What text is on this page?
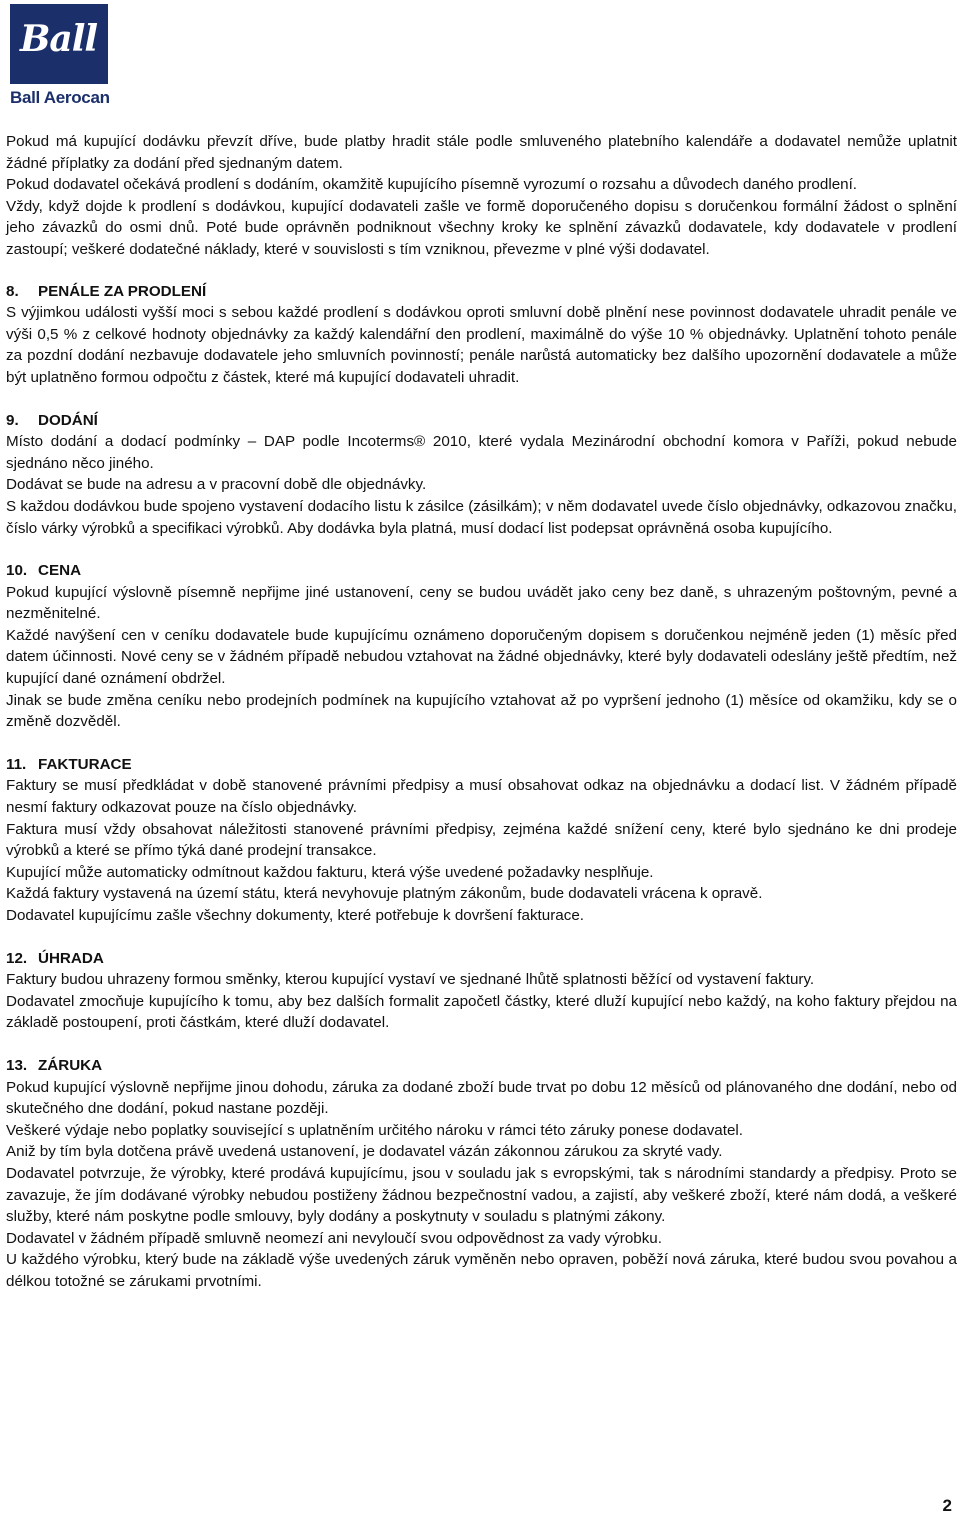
Ball
Ball Aerocan

Pokud má kupující dodávku převzít dříve, bude platby hradit stále podle smluveného platebního kalendáře a dodavatel nemůže uplatnit žádné příplatky za dodání před sjednaným datem.

Pokud dodavatel očekává prodlení s dodáním, okamžitě kupujícího písemně vyrozumí o rozsahu a důvodech daného prodlení.

Vždy, když dojde k prodlení s dodávkou, kupující dodavateli zašle ve formě doporučeného dopisu s doručenkou formální žádost o splnění jeho závazků do osmi dnů. Poté bude oprávněn podniknout všechny kroky ke splnění závazků dodavatele, kdy dodavatele v prodlení zastoupí; veškeré dodatečné náklady, které v souvislosti s tím vzniknou, převezme v plné výši dodavatel.

8. PENÁLE ZA PRODLENÍ

S výjimkou události vyšší moci s sebou každé prodlení s dodávkou oproti smluvní době plnění nese povinnost dodavatele uhradit penále ve výši 0,5 % z celkové hodnoty objednávky za každý kalendářní den prodlení, maximálně do výše 10 % objednávky. Uplatnění tohoto penále za pozdní dodání nezbavuje dodavatele jeho smluvních povinností; penále narůstá automaticky bez dalšího upozornění dodavatele a může být uplatněno formou odpočtu z částek, které má kupující dodavateli uhradit.

9. DODÁNÍ

Místo dodání a dodací podmínky – DAP podle Incoterms® 2010, které vydala Mezinárodní obchodní komora v Paříži, pokud nebude sjednáno něco jiného.

Dodávat se bude na adresu a v pracovní době dle objednávky.

S každou dodávkou bude spojeno vystavení dodacího listu k zásilce (zásilkám); v něm dodavatel uvede číslo objednávky, odkazovou značku, číslo várky výrobků a specifikaci výrobků. Aby dodávka byla platná, musí dodací list podepsat oprávněná osoba kupujícího.

10. CENA

Pokud kupující výslovně písemně nepřijme jiné ustanovení, ceny se budou uvádět jako ceny bez daně, s uhrazeným poštovným, pevné a nezměnitelné.

Každé navýšení cen v ceníku dodavatele bude kupujícímu oznámeno doporučeným dopisem s doručenkou nejméně jeden (1) měsíc před datem účinnosti. Nové ceny se v žádném případě nebudou vztahovat na žádné objednávky, které byly dodavateli odeslány ještě předtím, než kupující dané oznámení obdržel.

Jinak se bude změna ceníku nebo prodejních podmínek na kupujícího vztahovat až po vypršení jednoho (1) měsíce od okamžiku, kdy se o změně dozvěděl.

11. FAKTURACE

Faktury se musí předkládat v době stanovené právními předpisy a musí obsahovat odkaz na objednávku a dodací list. V žádném případě nesmí faktury odkazovat pouze na číslo objednávky.

Faktura musí vždy obsahovat náležitosti stanovené právními předpisy, zejména každé snížení ceny, které bylo sjednáno ke dni prodeje výrobků a které se přímo týká dané prodejní transakce.

Kupující může automaticky odmítnout každou fakturu, která výše uvedené požadavky nesplňuje.

Každá faktury vystavená na území státu, která nevyhovuje platným zákonům, bude dodavateli vrácena k opravě.

Dodavatel kupujícímu zašle všechny dokumenty, které potřebuje k dovršení fakturace.

12. ÚHRADA

Faktury budou uhrazeny formou směnky, kterou kupující vystaví ve sjednané lhůtě splatnosti běžící od vystavení faktury.

Dodavatel zmocňuje kupujícího k tomu, aby bez dalších formalit započetl částky, které dluží kupující nebo každý, na koho faktury přejdou na základě postoupení, proti částkám, které dluží dodavatel.

13. ZÁRUKA

Pokud kupující výslovně nepřijme jinou dohodu, záruka za dodané zboží bude trvat po dobu 12 měsíců od plánovaného dne dodání, nebo od skutečného dne dodání, pokud nastane později.

Veškeré výdaje nebo poplatky související s uplatněním určitého nároku v rámci této záruky ponese dodavatel.

Aniž by tím byla dotčena právě uvedená ustanovení, je dodavatel vázán zákonnou zárukou za skryté vady.

Dodavatel potvrzuje, že výrobky, které prodává kupujícímu, jsou v souladu jak s evropskými, tak s národními standardy a předpisy. Proto se zavazuje, že jím dodávané výrobky nebudou postiženy žádnou bezpečnostní vadou, a zajistí, aby veškeré zboží, které nám dodá, a veškeré služby, které nám poskytne podle smlouvy, byly dodány a poskytnuty v souladu s platnými zákony.

Dodavatel v žádném případě smluvně neomezí ani nevyloučí svou odpovědnost za vady výrobku.

U každého výrobku, který bude na základě výše uvedených záruk vyměněn nebo opraven, poběží nová záruka, které budou svou povahou a délkou totožné se zárukami prvotními.

2
